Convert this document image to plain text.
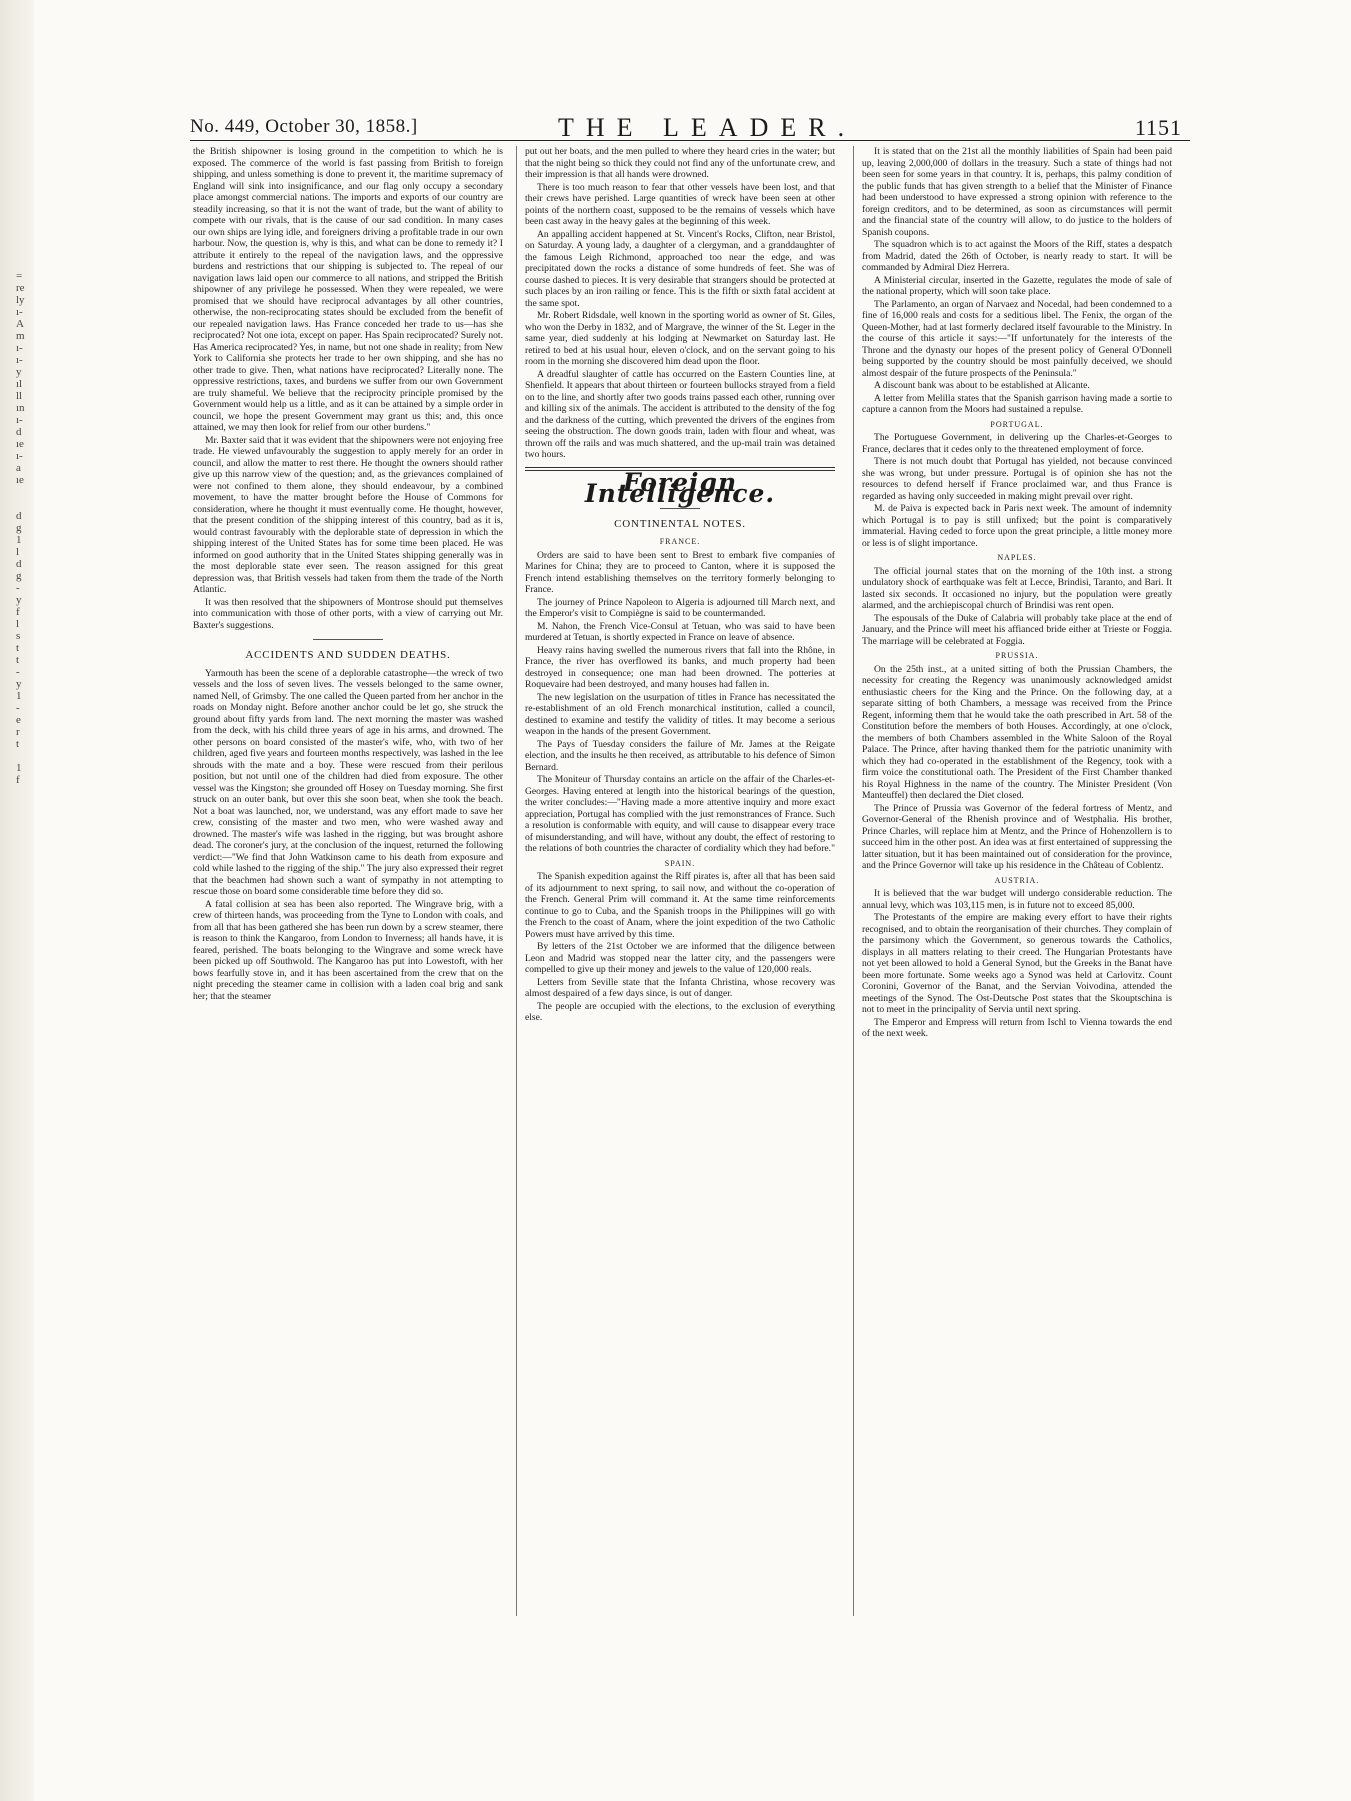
=
re
ly
ı-
A
m
ı-
ı-
y
ıl
ll
ın
ı-
d
ıe
ı-
a
ıe

d
g
1
l
d
g
-
y
f
l
s
t
t
-
y
1
-
e
r
t

1
f
No. 449, October 30, 1858.]	THE LEADER.	1151

the British shipowner is losing ground in the competition to which he is exposed. The commerce of the world is fast passing from British to foreign shipping, and unless something is done to prevent it, the maritime supremacy of England will sink into insignificance, and our flag only occupy a secondary place amongst commercial nations. The imports and exports of our country are steadily increasing, so that it is not the want of trade, but the want of ability to compete with our rivals, that is the cause of our sad condition. In many cases our own ships are lying idle, and foreigners driving a profitable trade in our own harbour. Now, the question is, why is this, and what can be done to remedy it? I attribute it entirely to the repeal of the navigation laws, and the oppressive burdens and restrictions that our shipping is subjected to. The repeal of our navigation laws laid open our commerce to all nations, and stripped the British shipowner of any privilege he possessed. When they were repealed, we were promised that we should have reciprocal advantages by all other countries, otherwise, the non-reciprocating states should be excluded from the benefit of our repealed navigation laws. Has France conceded her trade to us—has she reciprocated? Not one iota, except on paper. Has Spain reciprocated? Surely not. Has America reciprocated? Yes, in name, but not one shade in reality; from New York to California she protects her trade to her own shipping, and she has no other trade to give. Then, what nations have reciprocated? Literally none. The oppressive restrictions, taxes, and burdens we suffer from our own Government are truly shameful. We believe that the reciprocity principle promised by the Government would help us a little, and as it can be attained by a simple order in council, we hope the present Government may grant us this; and, this once attained, we may then look for relief from our other burdens."

Mr. Baxter said that it was evident that the shipowners were not enjoying free trade. He viewed unfavourably the suggestion to apply merely for an order in council, and allow the matter to rest there. He thought the owners should rather give up this narrow view of the question; and, as the grievances complained of were not confined to them alone, they should endeavour, by a combined movement, to have the matter brought before the House of Commons for consideration, where he thought it must eventually come. He thought, however, that the present condition of the shipping interest of this country, bad as it is, would contrast favourably with the deplorable state of depression in which the shipping interest of the United States has for some time been placed. He was informed on good authority that in the United States shipping generally was in the most deplorable state ever seen. The reason assigned for this great depression was, that British vessels had taken from them the trade of the North Atlantic.

It was then resolved that the shipowners of Montrose should put themselves into communication with those of other ports, with a view of carrying out Mr. Baxter's suggestions.

ACCIDENTS AND SUDDEN DEATHS.

Yarmouth has been the scene of a deplorable catastrophe—the wreck of two vessels and the loss of seven lives. The vessels belonged to the same owner, named Nell, of Grimsby. The one called the Queen parted from her anchor in the roads on Monday night. Before another anchor could be let go, she struck the ground about fifty yards from land. The next morning the master was washed from the deck, with his child three years of age in his arms, and drowned. The other persons on board consisted of the master's wife, who, with two of her children, aged five years and fourteen months respectively, was lashed in the lee shrouds with the mate and a boy. These were rescued from their perilous position, but not until one of the children had died from exposure. The other vessel was the Kingston; she grounded off Hosey on Tuesday morning. She first struck on an outer bank, but over this she soon beat, when she took the beach. Not a boat was launched, nor, we understand, was any effort made to save her crew, consisting of the master and two men, who were washed away and drowned. The master's wife was lashed in the rigging, but was brought ashore dead. The coroner's jury, at the conclusion of the inquest, returned the following verdict:—"We find that John Watkinson came to his death from exposure and cold while lashed to the rigging of the ship." The jury also expressed their regret that the beachmen had shown such a want of sympathy in not attempting to rescue those on board some considerable time before they did so.

A fatal collision at sea has been also reported. The Wingrave brig, with a crew of thirteen hands, was proceeding from the Tyne to London with coals, and from all that has been gathered she has been run down by a screw steamer, there is reason to think the Kangaroo, from London to Inverness; all hands have, it is feared, perished. The boats belonging to the Wingrave and some wreck have been picked up off Southwold. The Kangaroo has put into Lowestoft, with her bows fearfully stove in, and it has been ascertained from the crew that on the night preceding the steamer came in collision with a laden coal brig and sank her; that the steamer

put out her boats, and the men pulled to where they heard cries in the water; but that the night being so thick they could not find any of the unfortunate crew, and their impression is that all hands were drowned.

There is too much reason to fear that other vessels have been lost, and that their crews have perished. Large quantities of wreck have been seen at other points of the northern coast, supposed to be the remains of vessels which have been cast away in the heavy gales at the beginning of this week.

An appalling accident happened at St. Vincent's Rocks, Clifton, near Bristol, on Saturday. A young lady, a daughter of a clergyman, and a granddaughter of the famous Leigh Richmond, approached too near the edge, and was precipitated down the rocks a distance of some hundreds of feet. She was of course dashed to pieces. It is very desirable that strangers should be protected at such places by an iron railing or fence. This is the fifth or sixth fatal accident at the same spot.

Mr. Robert Ridsdale, well known in the sporting world as owner of St. Giles, who won the Derby in 1832, and of Margrave, the winner of the St. Leger in the same year, died suddenly at his lodging at Newmarket on Saturday last. He retired to bed at his usual hour, eleven o'clock, and on the servant going to his room in the morning she discovered him dead upon the floor.

A dreadful slaughter of cattle has occurred on the Eastern Counties line, at Shenfield. It appears that about thirteen or fourteen bullocks strayed from a field on to the line, and shortly after two goods trains passed each other, running over and killing six of the animals. The accident is attributed to the density of the fog and the darkness of the cutting, which prevented the drivers of the engines from seeing the obstruction. The down goods train, laden with flour and wheat, was thrown off the rails and was much shattered, and the up-mail train was detained two hours.

Foreign Intelligence.
CONTINENTAL NOTES.
FRANCE.

Orders are said to have been sent to Brest to embark five companies of Marines for China; they are to proceed to Canton, where it is supposed the French intend establishing themselves on the territory formerly belonging to France.

The journey of Prince Napoleon to Algeria is adjourned till March next, and the Emperor's visit to Compiègne is said to be countermanded.

M. Nahon, the French Vice-Consul at Tetuan, who was said to have been murdered at Tetuan, is shortly expected in France on leave of absence.

Heavy rains having swelled the numerous rivers that fall into the Rhône, in France, the river has overflowed its banks, and much property had been destroyed in consequence; one man had been drowned. The potteries at Roquevaire had been destroyed, and many houses had fallen in.

The new legislation on the usurpation of titles in France has necessitated the re-establishment of an old French monarchical institution, called a council, destined to examine and testify the validity of titles. It may become a serious weapon in the hands of the present Government.

The Pays of Tuesday considers the failure of Mr. James at the Reigate election, and the insults he then received, as attributable to his defence of Simon Bernard.

The Moniteur of Thursday contains an article on the affair of the Charles-et-Georges. Having entered at length into the historical bearings of the question, the writer concludes:—"Having made a more attentive inquiry and more exact appreciation, Portugal has complied with the just remonstrances of France. Such a resolution is conformable with equity, and will cause to disappear every trace of misunderstanding, and will have, without any doubt, the effect of restoring to the relations of both countries the character of cordiality which they had before."

SPAIN.

The Spanish expedition against the Riff pirates is, after all that has been said of its adjournment to next spring, to sail now, and without the co-operation of the French. General Prim will command it. At the same time reinforcements continue to go to Cuba, and the Spanish troops in the Philippines will go with the French to the coast of Anam, where the joint expedition of the two Catholic Powers must have arrived by this time.

By letters of the 21st October we are informed that the diligence between Leon and Madrid was stopped near the latter city, and the passengers were compelled to give up their money and jewels to the value of 120,000 reals.

Letters from Seville state that the Infanta Christina, whose recovery was almost despaired of a few days since, is out of danger.

The people are occupied with the elections, to the exclusion of everything else.

It is stated that on the 21st all the monthly liabilities of Spain had been paid up, leaving 2,000,000 of dollars in the treasury. Such a state of things had not been seen for some years in that country. It is, perhaps, this palmy condition of the public funds that has given strength to a belief that the Minister of Finance had been understood to have expressed a strong opinion with reference to the foreign creditors, and to be determined, as soon as circumstances will permit and the financial state of the country will allow, to do justice to the holders of Spanish coupons.

The squadron which is to act against the Moors of the Riff, states a despatch from Madrid, dated the 26th of October, is nearly ready to start. It will be commanded by Admiral Diez Herrera.

A Ministerial circular, inserted in the Gazette, regulates the mode of sale of the national property, which will soon take place.

The Parlamento, an organ of Narvaez and Nocedal, had been condemned to a fine of 16,000 reals and costs for a seditious libel. The Fenix, the organ of the Queen-Mother, had at last formerly declared itself favourable to the Ministry. In the course of this article it says:—"If unfortunately for the interests of the Throne and the dynasty our hopes of the present policy of General O'Donnell being supported by the country should be most painfully deceived, we should almost despair of the future prospects of the Peninsula."

A discount bank was about to be established at Alicante.

A letter from Melilla states that the Spanish garrison having made a sortie to capture a cannon from the Moors had sustained a repulse.

PORTUGAL.

The Portuguese Government, in delivering up the Charles-et-Georges to France, declares that it cedes only to the threatened employment of force.

There is not much doubt that Portugal has yielded, not because convinced she was wrong, but under pressure. Portugal is of opinion she has not the resources to defend herself if France proclaimed war, and thus France is regarded as having only succeeded in making might prevail over right.

M. de Paiva is expected back in Paris next week. The amount of indemnity which Portugal is to pay is still unfixed; but the point is comparatively immaterial. Having ceded to force upon the great principle, a little money more or less is of slight importance.

NAPLES.

The official journal states that on the morning of the 10th inst. a strong undulatory shock of earthquake was felt at Lecce, Brindisi, Taranto, and Bari. It lasted six seconds. It occasioned no injury, but the population were greatly alarmed, and the archiepiscopal church of Brindisi was rent open.

The espousals of the Duke of Calabria will probably take place at the end of January, and the Prince will meet his affianced bride either at Trieste or Foggia. The marriage will be celebrated at Foggia.

PRUSSIA.

On the 25th inst., at a united sitting of both the Prussian Chambers, the necessity for creating the Regency was unanimously acknowledged amidst enthusiastic cheers for the King and the Prince. On the following day, at a separate sitting of both Chambers, a message was received from the Prince Regent, informing them that he would take the oath prescribed in Art. 58 of the Constitution before the members of both Houses. Accordingly, at one o'clock, the members of both Chambers assembled in the White Saloon of the Royal Palace. The Prince, after having thanked them for the patriotic unanimity with which they had co-operated in the establishment of the Regency, took with a firm voice the constitutional oath. The President of the First Chamber thanked his Royal Highness in the name of the country. The Minister President (Von Manteuffel) then declared the Diet closed.

The Prince of Prussia was Governor of the federal fortress of Mentz, and Governor-General of the Rhenish province and of Westphalia. His brother, Prince Charles, will replace him at Mentz, and the Prince of Hohenzollern is to succeed him in the other post. An idea was at first entertained of suppressing the latter situation, but it has been maintained out of consideration for the province, and the Prince Governor will take up his residence in the Château of Coblentz.

AUSTRIA.

It is believed that the war budget will undergo considerable reduction. The annual levy, which was 103,115 men, is in future not to exceed 85,000.

The Protestants of the empire are making every effort to have their rights recognised, and to obtain the reorganisation of their churches. They complain of the parsimony which the Government, so generous towards the Catholics, displays in all matters relating to their creed. The Hungarian Protestants have not yet been allowed to hold a General Synod, but the Greeks in the Banat have been more fortunate. Some weeks ago a Synod was held at Carlovitz. Count Coronini, Governor of the Banat, and the Servian Voivodina, attended the meetings of the Synod. The Ost-Deutsche Post states that the Skouptschina is not to meet in the principality of Servia until next spring.

The Emperor and Empress will return from Ischl to Vienna towards the end of the next week.
